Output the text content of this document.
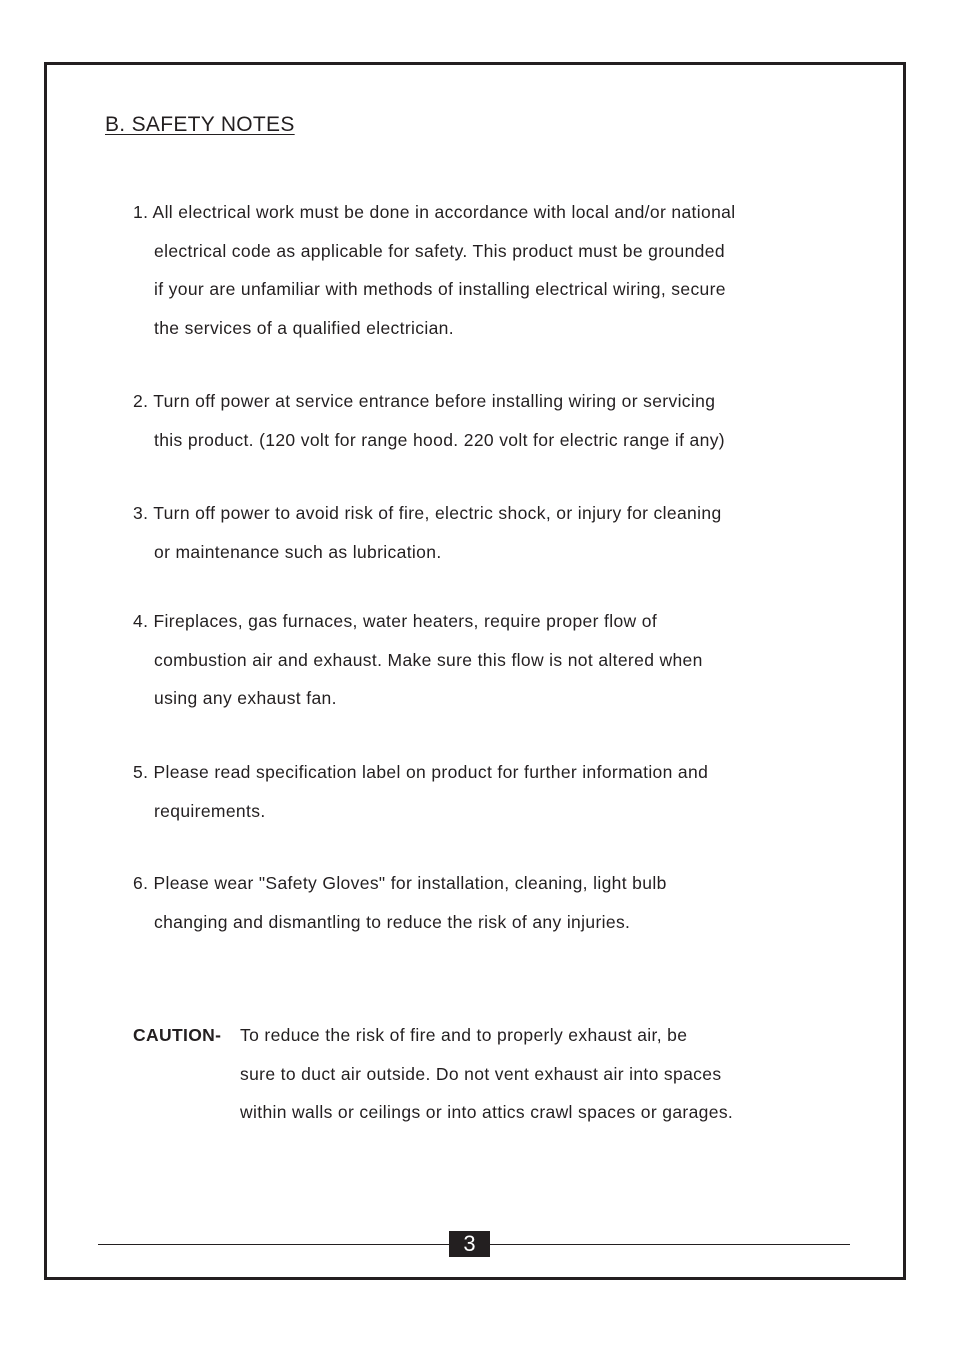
B. SAFETY NOTES
1. All electrical work must be done in accordance with local and/or national
electrical code as applicable for safety. This product must be grounded
if your are unfamiliar with methods of installing electrical wiring, secure
the services of a qualified electrician.
2. Turn off power at service entrance before installing wiring or servicing
this product. (120 volt for range hood. 220 volt for electric range if any)
3. Turn off power to avoid risk of fire, electric shock, or injury for cleaning
or maintenance such as lubrication.
4. Fireplaces, gas furnaces, water heaters, require proper flow of
combustion air and exhaust. Make sure this flow is not altered when
using any exhaust fan.
5. Please read specification label on product for further information and
requirements.
6. Please wear "Safety Gloves" for installation, cleaning, light bulb
changing and dismantling to reduce the risk of any injuries.
CAUTION- To reduce the risk of fire and to properly exhaust air, be
sure to duct air outside. Do not vent exhaust air into spaces
within walls or ceilings or into attics crawl spaces or garages.
3
